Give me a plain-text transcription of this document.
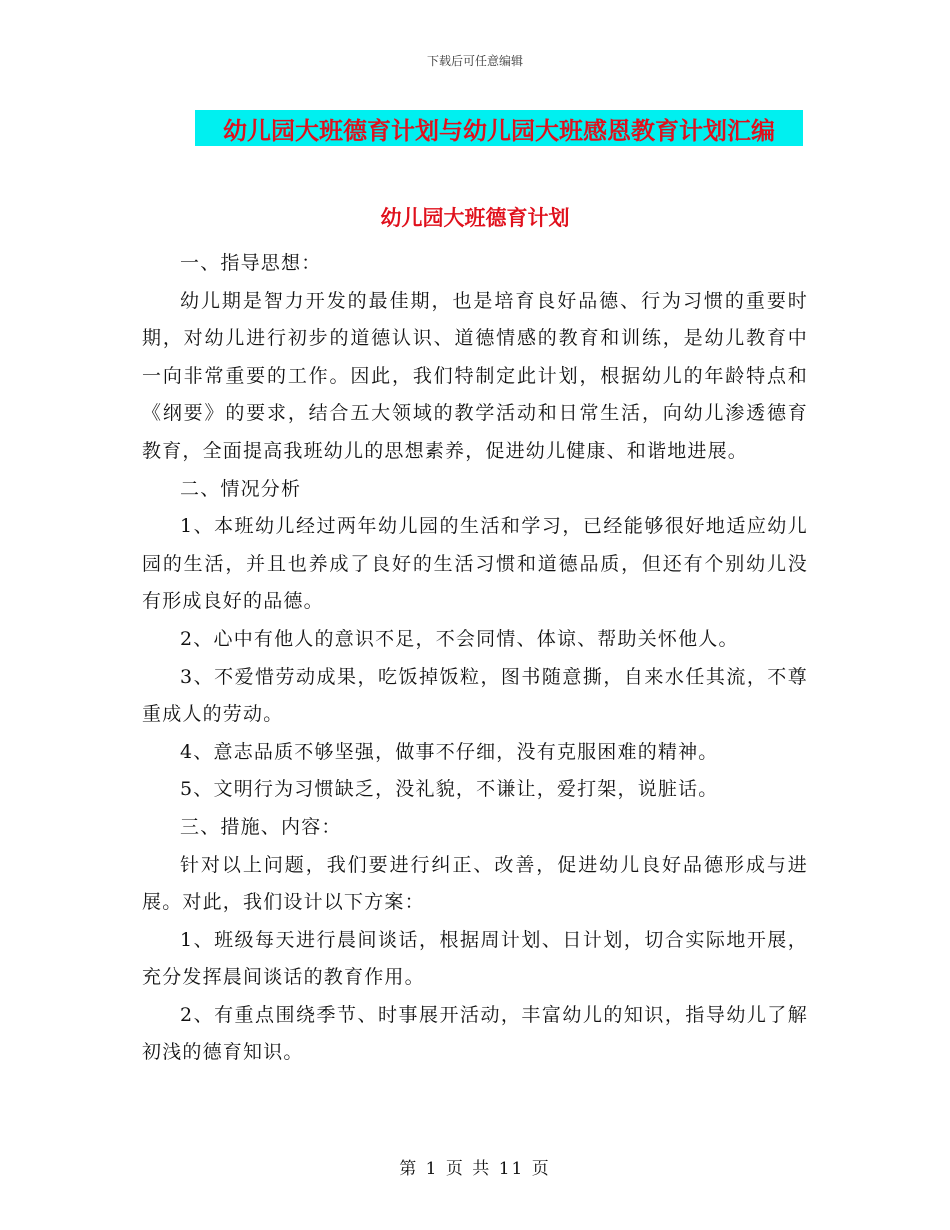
下载后可任意编辑
幼儿园大班德育计划与幼儿园大班感恩教育计划汇编
幼儿园大班德育计划

一、指导思想：

幼儿期是智力开发的最佳期，也是培育良好品德、行为习惯的重要时期，对幼儿进行初步的道德认识、道德情感的教育和训练，是幼儿教育中一向非常重要的工作。因此，我们特制定此计划，根据幼儿的年龄特点和《纲要》的要求，结合五大领域的教学活动和日常生活，向幼儿渗透德育教育，全面提高我班幼儿的思想素养，促进幼儿健康、和谐地进展。

二、情况分析

1、本班幼儿经过两年幼儿园的生活和学习，已经能够很好地适应幼儿园的生活，并且也养成了良好的生活习惯和道德品质，但还有个别幼儿没有形成良好的品德。

2、心中有他人的意识不足，不会同情、体谅、帮助关怀他人。

3、不爱惜劳动成果，吃饭掉饭粒，图书随意撕，自来水任其流，不尊重成人的劳动。

4、意志品质不够坚强，做事不仔细，没有克服困难的精神。

5、文明行为习惯缺乏，没礼貌，不谦让，爱打架，说脏话。

三、措施、内容：

针对以上问题，我们要进行纠正、改善，促进幼儿良好品德形成与进展。对此，我们设计以下方案：

1、班级每天进行晨间谈话，根据周计划、日计划，切合实际地开展，充分发挥晨间谈话的教育作用。

2、有重点围绕季节、时事展开活动，丰富幼儿的知识，指导幼儿了解初浅的德育知识。

第 1 页 共 11 页
